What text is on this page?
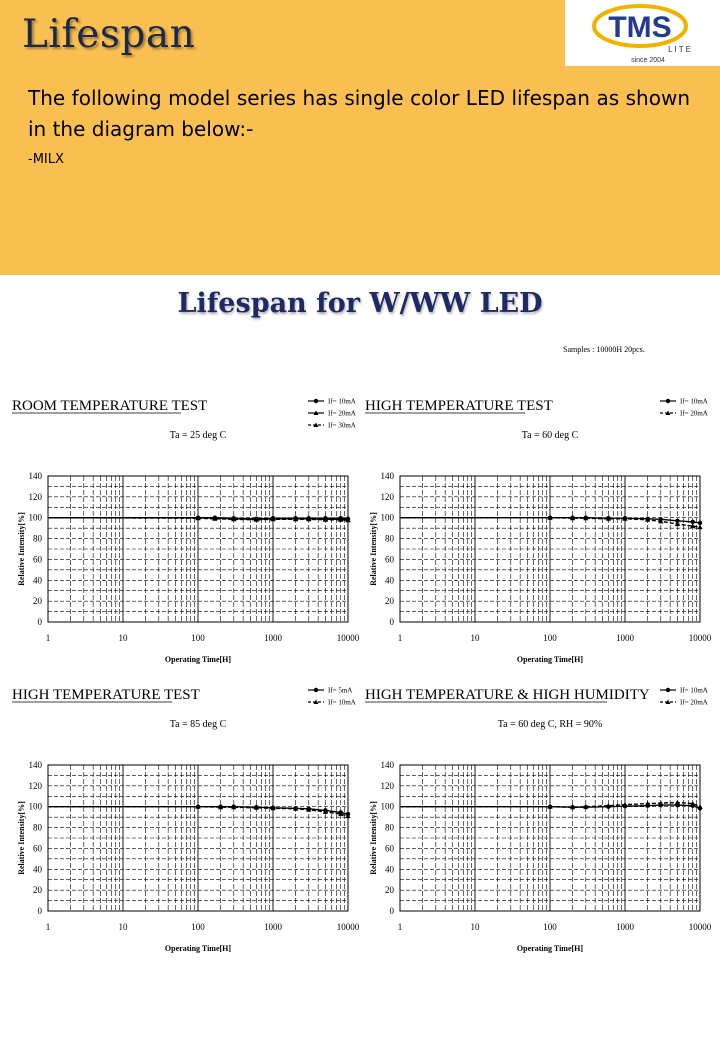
Lifespan	TMS
LITE
since 2004
The following model series has single color LED lifespan as shown in the diagram below:-
-MILX
Lifespan for W/WW LED
Samples : 10000H 20pcs.
ROOM TEMPERATURE TEST
Ta = 25 deg C
0
20
40
60
80
100
120
140
1	10	100	1000	10000
Operating Time[H]
Relative Intensity[%]
If= 10mA
If= 20mA
If= 30mA
HIGH TEMPERATURE TEST
Ta = 60 deg C
0
20
40
60
80
100
120
140
1	10	100	1000	10000
Operating Time[H]
Relative Intensity[%]
If= 10mA
If= 20mA
HIGH TEMPERATURE TEST
Ta = 85 deg C
0
20
40
60
80
100
120
140
1	10	100	1000	10000
Operating Time[H]
Relative Intensity[%]
If= 5mA
If= 10mA HIGH TEMPERATURE & HIGH HUMIDITY
Ta = 60 deg C, RH = 90%
0
20
40
60
80
100
120
140
1	10	100	1000	10000
Operating Time[H]
Relative Intensity[%]
If= 10mA
If= 20mA
